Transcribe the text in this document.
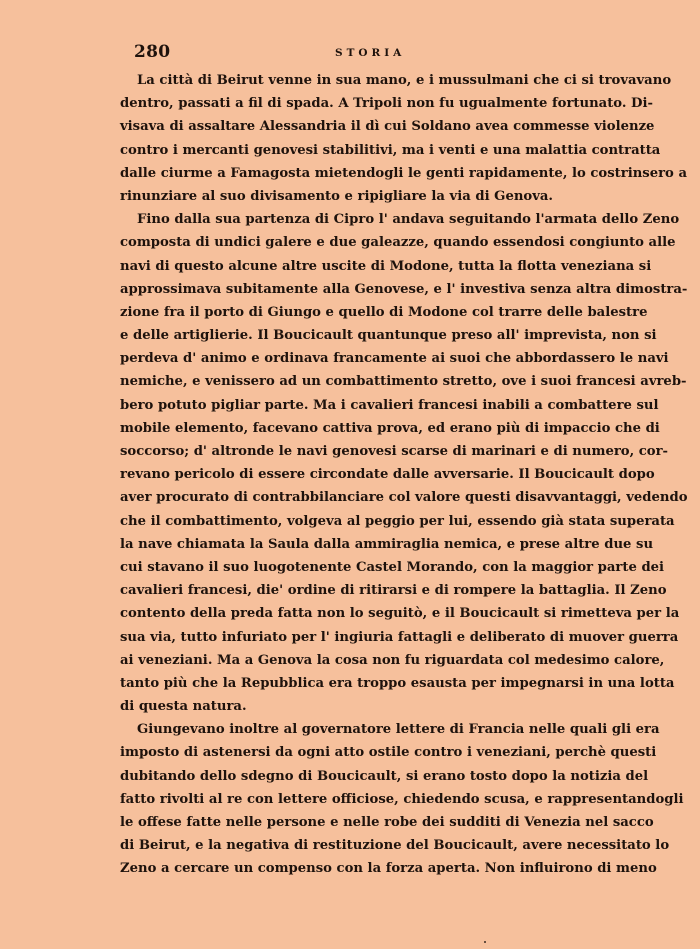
280	STORIA
La città di Beirut venne in sua mano, e i mussulmani che ci si trovavano
dentro, passati a fil di spada. A Tripoli non fu ugualmente fortunato. Di-
visava di assaltare Alessandria il dì cui Soldano avea commesse violenze
contro i mercanti genovesi stabilitivi, ma i venti e una malattia contratta
dalle ciurme a Famagosta mietendogli le genti rapidamente, lo costrinsero a
rinunziare al suo divisamento e ripigliare la via di Genova.
Fino dalla sua partenza di Cipro l' andava seguitando l'armata dello Zeno
composta di undici galere e due galeazze, quando essendosi congiunto alle
navi di questo alcune altre uscite di Modone, tutta la flotta veneziana si
approssimava subitamente alla Genovese, e l' investiva senza altra dimostra-
zione fra il porto di Giungo e quello di Modone col trarre delle balestre
e delle artiglierie. Il Boucicault quantunque preso all' imprevista, non si
perdeva d' animo e ordinava francamente ai suoi che abbordassero le navi
nemiche, e venissero ad un combattimento stretto, ove i suoi francesi avreb-
bero potuto pigliar parte. Ma i cavalieri francesi inabili a combattere sul
mobile elemento, facevano cattiva prova, ed erano più di impaccio che di
soccorso; d' altronde le navi genovesi scarse di marinari e di numero, cor-
revano pericolo di essere circondate dalle avversarie. Il Boucicault dopo
aver procurato di contrabbilanciare col valore questi disavvantaggi, vedendo
che il combattimento, volgeva al peggio per lui, essendo già stata superata
la nave chiamata la Saula dalla ammiraglia nemica, e prese altre due su
cui stavano il suo luogotenente Castel Morando, con la maggior parte dei
cavalieri francesi, die' ordine di ritirarsi e di rompere la battaglia. Il Zeno
contento della preda fatta non lo seguitò, e il Boucicault si rimetteva per la
sua via, tutto infuriato per l' ingiuria fattagli e deliberato di muover guerra
ai veneziani. Ma a Genova la cosa non fu riguardata col medesimo calore,
tanto più che la Repubblica era troppo esausta per impegnarsi in una lotta
di questa natura.
Giungevano inoltre al governatore lettere di Francia nelle quali gli era
imposto di astenersi da ogni atto ostile contro i veneziani, perchè questi
dubitando dello sdegno di Boucicault, si erano tosto dopo la notizia del
fatto rivolti al re con lettere officiose, chiedendo scusa, e rappresentandogli
le offese fatte nelle persone e nelle robe dei sudditi di Venezia nel sacco
di Beirut, e la negativa di restituzione del Boucicault, avere necessitato lo
Zeno a cercare un compenso con la forza aperta. Non influirono di meno
